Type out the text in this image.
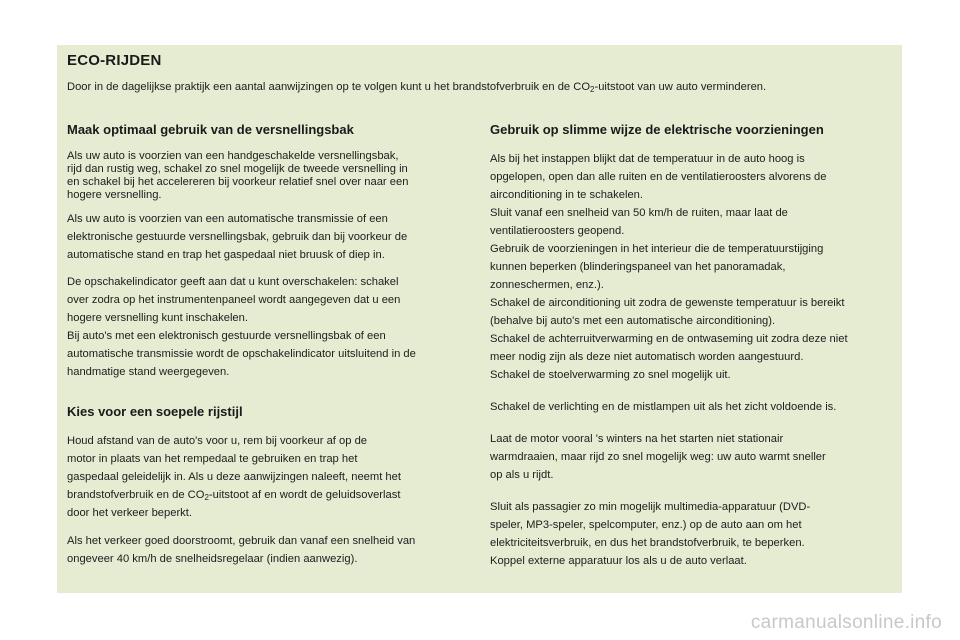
ECO-RIJDEN

Door in de dagelijkse praktijk een aantal aanwijzingen op te volgen kunt u het brandstofverbruik en de $CO_2$-uitstoot van uw auto verminderen.

Maak optimaal gebruik van de versnellingsbak

Als uw auto is voorzien van een handgeschakelde versnellingsbak,
rijd dan rustig weg, schakel zo snel mogelijk de tweede versnelling in
en schakel bij het accelereren bij voorkeur relatief snel over naar een
hogere versnelling.

Als uw auto is voorzien van een automatische transmissie of een
elektronische gestuurde versnellingsbak, gebruik dan bij voorkeur de
automatische stand en trap het gaspedaal niet bruusk of diep in.

De opschakelindicator geeft aan dat u kunt overschakelen: schakel
over zodra op het instrumentenpaneel wordt aangegeven dat u een
hogere versnelling kunt inschakelen.
Bij auto's met een elektronisch gestuurde versnellingsbak of een
automatische transmissie wordt de opschakelindicator uitsluitend in de
handmatige stand weergegeven.

Kies voor een soepele rijstijl

Houd afstand van de auto's voor u, rem bij voorkeur af op de
motor in plaats van het rempedaal te gebruiken en trap het
gaspedaal geleidelijk in. Als u deze aanwijzingen naleeft, neemt het
brandstofverbruik en de $CO_2$-uitstoot af en wordt de geluidsoverlast
door het verkeer beperkt.

Als het verkeer goed doorstroomt, gebruik dan vanaf een snelheid van
ongeveer 40 km/h de snelheidsregelaar (indien aanwezig).

Gebruik op slimme wijze de elektrische voorzieningen

Als bij het instappen blijkt dat de temperatuur in de auto hoog is
opgelopen, open dan alle ruiten en de ventilatieroosters alvorens de
airconditioning in te schakelen.
Sluit vanaf een snelheid van 50 km/h de ruiten, maar laat de
ventilatieroosters geopend.
Gebruik de voorzieningen in het interieur die de temperatuurstijging
kunnen beperken (blinderingspaneel van het panoramadak,
zonneschermen, enz.).
Schakel de airconditioning uit zodra de gewenste temperatuur is bereikt
(behalve bij auto's met een automatische airconditioning).
Schakel de achterruitverwarming en de ontwaseming uit zodra deze niet
meer nodig zijn als deze niet automatisch worden aangestuurd.
Schakel de stoelverwarming zo snel mogelijk uit.

Schakel de verlichting en de mistlampen uit als het zicht voldoende is.

Laat de motor vooral 's winters na het starten niet stationair
warmdraaien, maar rijd zo snel mogelijk weg: uw auto warmt sneller
op als u rijdt.

Sluit als passagier zo min mogelijk multimedia-apparatuur (DVD-
speler, MP3-speler, spelcomputer, enz.) op de auto aan om het
elektriciteitsverbruik, en dus het brandstofverbruik, te beperken.
Koppel externe apparatuur los als u de auto verlaat.

carmanualsonline.info
